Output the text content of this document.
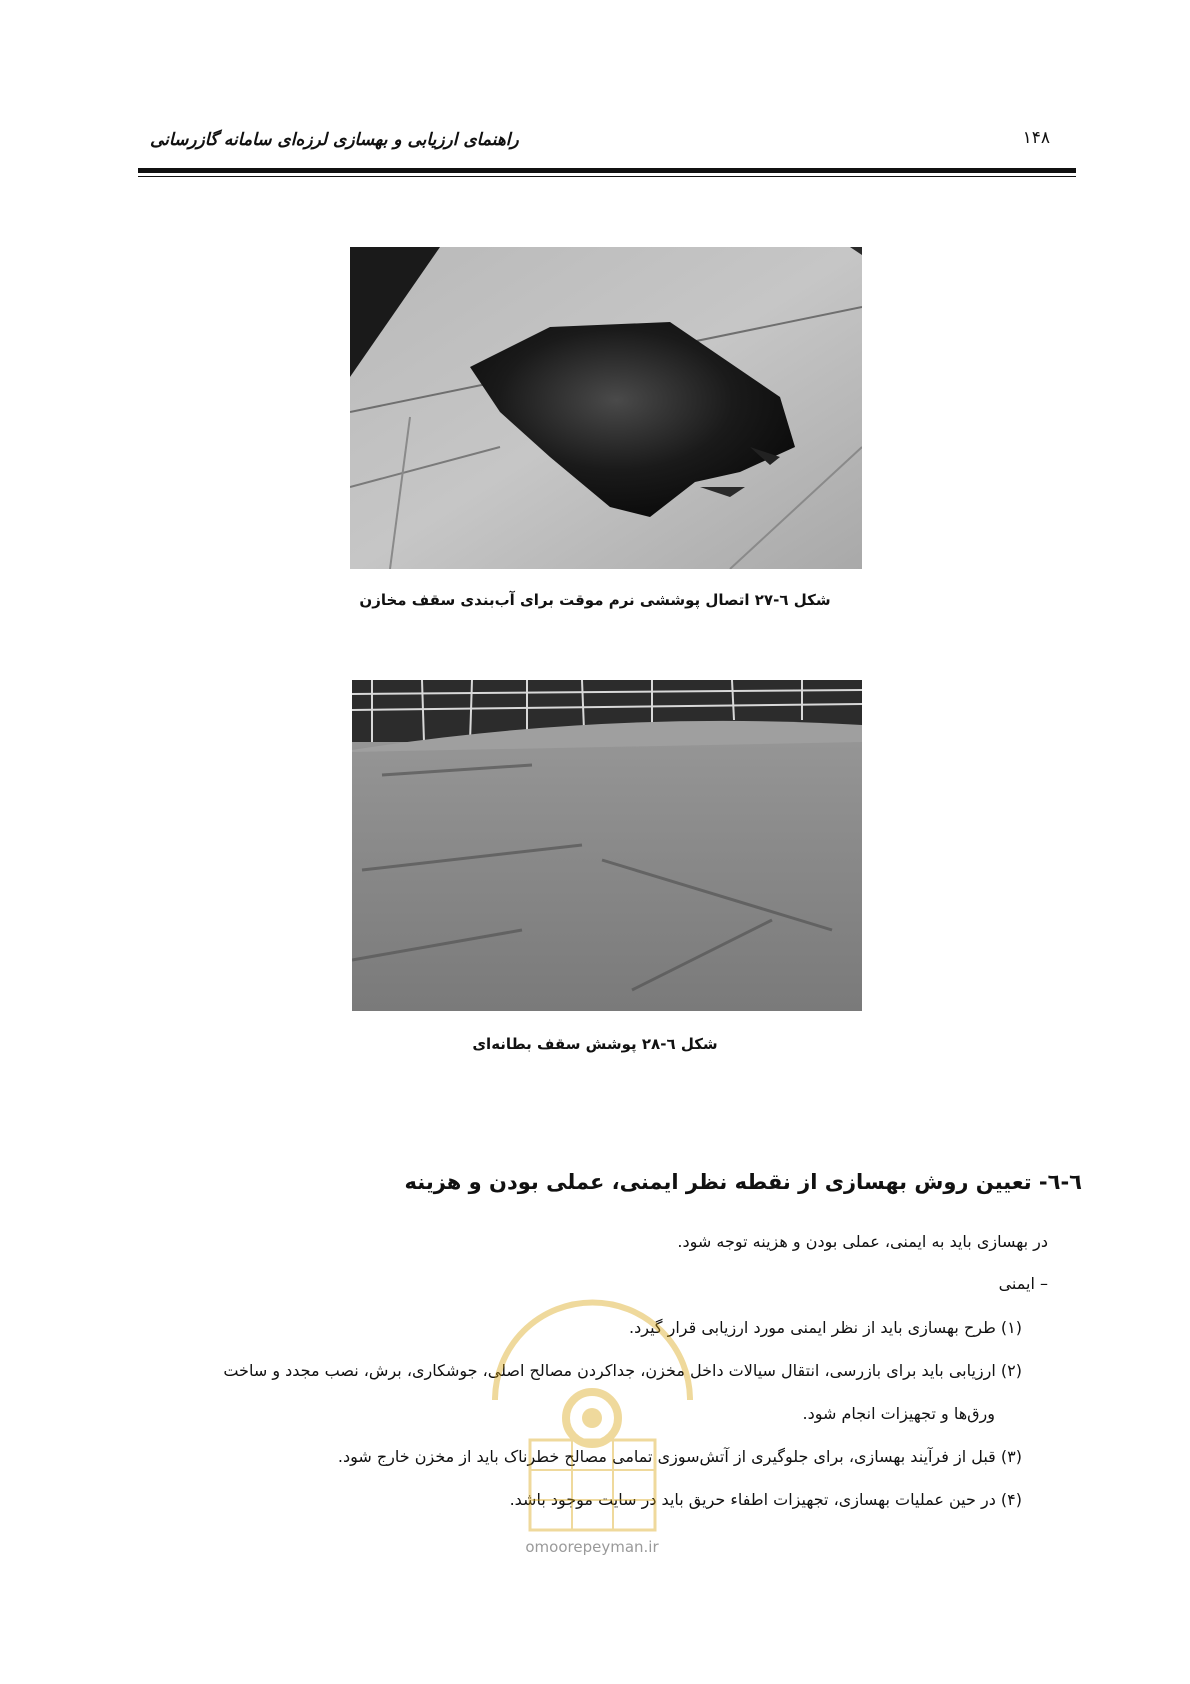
راهنمای ارزیابی و بهسازی لرزه‌ای سامانه گازرسانی	۱۴۸
شکل ٦-٢٧ اتصال پوششی نرم موقت برای آب‌بندی سقف مخازن
شکل ٦-٢٨ پوشش سقف بطانه‌ای
٦-٦- تعیین روش بهسازی از نقطه نظر ایمنی، عملی بودن و هزینه
در بهسازی باید به ایمنی، عملی بودن و هزینه توجه شود.
– ایمنی
(۱) طرح بهسازی باید از نظر ایمنی مورد ارزیابی قرار گیرد.
(۲) ارزیابی باید برای بازرسی، انتقال سیالات داخل مخزن، جداکردن مصالح اصلی، جوشکاری، برش، نصب مجدد و ساخت
ورق‌ها و تجهیزات انجام شود.
(۳) قبل از فرآیند بهسازی، برای جلوگیری از آتش‌سوزی تمامی مصالح خطرناک باید از مخزن خارج شود.
(۴) در حین عملیات بهسازی، تجهیزات اطفاء حریق باید در سایت موجود باشد.
omoorepeyman.ir
